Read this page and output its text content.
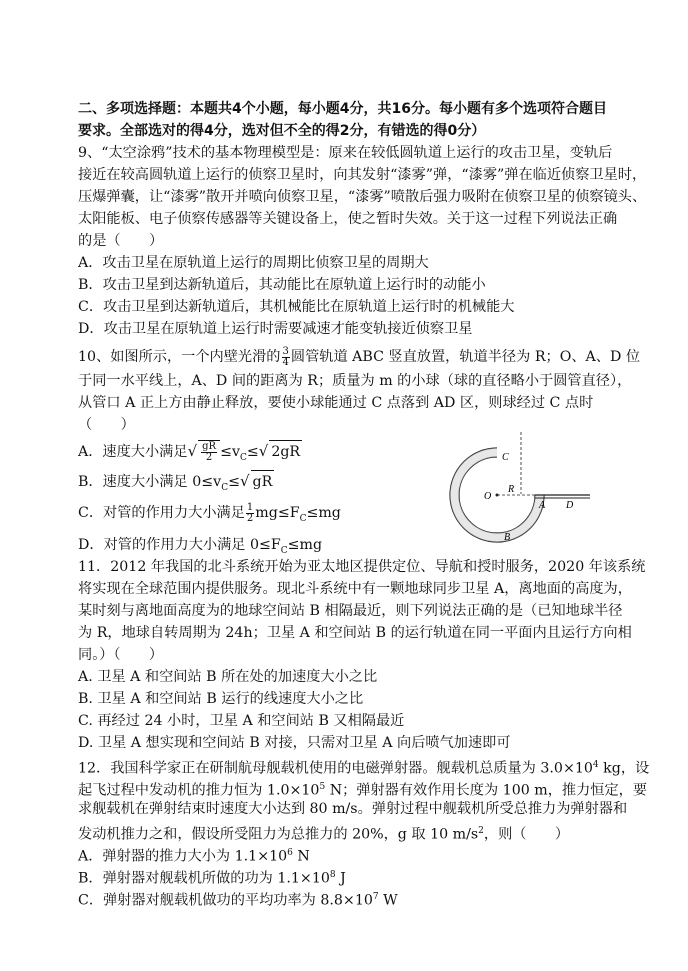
二、多项选择题：本题共4个小题，每小题4分，共16分。每小题有多个选项符合题目
要求。全部选对的得4分，选对但不全的得2分，有错选的得0分）
9、“太空涂鸦”技术的基本物理模型是：原来在较低圆轨道上运行的攻击卫星，变轨后
接近在较高圆轨道上运行的侦察卫星时，向其发射“漆雾”弹，“漆雾”弹在临近侦察卫星时，
压爆弹囊，让“漆雾”散开并喷向侦察卫星，“漆雾”喷散后强力吸附在侦察卫星的侦察镜头、
太阳能板、电子侦察传感器等关键设备上，使之暂时失效。关于这一过程下列说法正确
的是（　　）
A．攻击卫星在原轨道上运行的周期比侦察卫星的周期大
B．攻击卫星到达新轨道后，其动能比在原轨道上运行时的动能小
C．攻击卫星到达新轨道后，其机械能比在原轨道上运行时的机械能大
D．攻击卫星在原轨道上运行时需要减速才能变轨接近侦察卫星
10、如图所示，一个内壁光滑的 $\frac{3}{4}$ 圆管轨道 ABC 竖直放置，轨道半径为 R；O、A、D 位
于同一水平线上，A、D 间的距离为 R；质量为 m 的小球（球的直径略小于圆管直径），
从管口 A 正上方由静止释放，要使小球能通过 C 点落到 AD 区，则球经过 C 点时
（　　）
A．速度大小满足√ $\frac{gR}{2} \le v_C\le√$ 2gR
B．速度大小满足 $0\le v_C\le√$ gR
C．对管的作用力大小满足 $\frac{1}{2} mg\le F_C\le mg$
D．对管的作用力大小满足 $0\le F_C\le mg$
C
O
R
A D
B
11．2012 年我国的北斗系统开始为亚太地区提供定位、导航和授时服务，2020 年该系统
将实现在全球范围内提供服务。现北斗系统中有一颗地球同步卫星 A，离地面的高度为，
某时刻与离地面高度为的地球空间站 B 相隔最近，则下列说法正确的是（已知地球半径
为 R，地球自转周期为 24h；卫星 A 和空间站 B 的运行轨道在同一平面内且运行方向相
同。）（　　）
A. 卫星 A 和空间站 B 所在处的加速度大小之比
B. 卫星 A 和空间站 B 运行的线速度大小之比
C. 再经过 24 小时，卫星 A 和空间站 B 又相隔最近
D. 卫星 A 想实现和空间站 B 对接，只需对卫星 A 向后喷气加速即可
12．我国科学家正在研制航母舰载机使用的电磁弹射器。舰载机总质量为 $3.0\times 10^4$ kg，设
起飞过程中发动机的推力恒为 $1.0\times 10^5$ N；弹射器有效作用长度为 100 m，推力恒定，要
求舰载机在弹射结束时速度大小达到 80 m/s。弹射过程中舰载机所受总推力为弹射器和
发动机推力之和，假设所受阻力为总推力的 20%，g 取 10 $m/s^2$，则（　　）
A．弹射器的推力大小为 $1.1\times 10^6$ N
B．弹射器对舰载机所做的功为 $1.1\times 10^8$ J
C．弹射器对舰载机做功的平均功率为 $8.8\times 10^7$ W
